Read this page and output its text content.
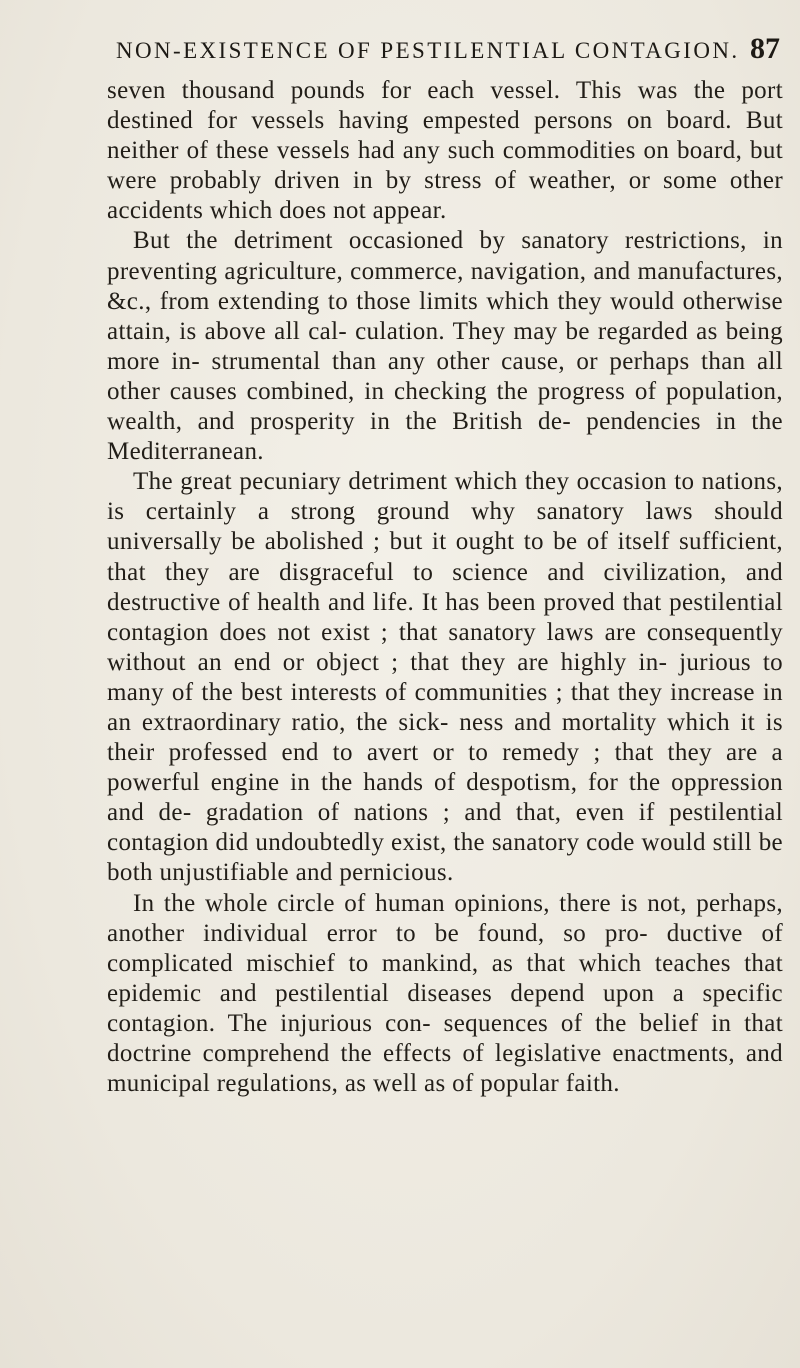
NON-EXISTENCE OF PESTILENTIAL CONTAGION. 87

seven thousand pounds for each vessel. This was the port destined for vessels having empested persons on board. But neither of these vessels had any such commodities on board, but were probably driven in by stress of weather, or some other accidents which does not appear.

But the detriment occasioned by sanatory restrictions, in preventing agriculture, commerce, navigation, and manufactures, &c., from extending to those limits which they would otherwise attain, is above all cal- culation. They may be regarded as being more in- strumental than any other cause, or perhaps than all other causes combined, in checking the progress of population, wealth, and prosperity in the British de- pendencies in the Mediterranean.

The great pecuniary detriment which they occasion to nations, is certainly a strong ground why sanatory laws should universally be abolished ; but it ought to be of itself sufficient, that they are disgraceful to science and civilization, and destructive of health and life. It has been proved that pestilential contagion does not exist ; that sanatory laws are consequently without an end or object ; that they are highly in- jurious to many of the best interests of communities ; that they increase in an extraordinary ratio, the sick- ness and mortality which it is their professed end to avert or to remedy ; that they are a powerful engine in the hands of despotism, for the oppression and de- gradation of nations ; and that, even if pestilential contagion did undoubtedly exist, the sanatory code would still be both unjustifiable and pernicious.

In the whole circle of human opinions, there is not, perhaps, another individual error to be found, so pro- ductive of complicated mischief to mankind, as that which teaches that epidemic and pestilential diseases depend upon a specific contagion. The injurious con- sequences of the belief in that doctrine comprehend the effects of legislative enactments, and municipal regulations, as well as of popular faith.
